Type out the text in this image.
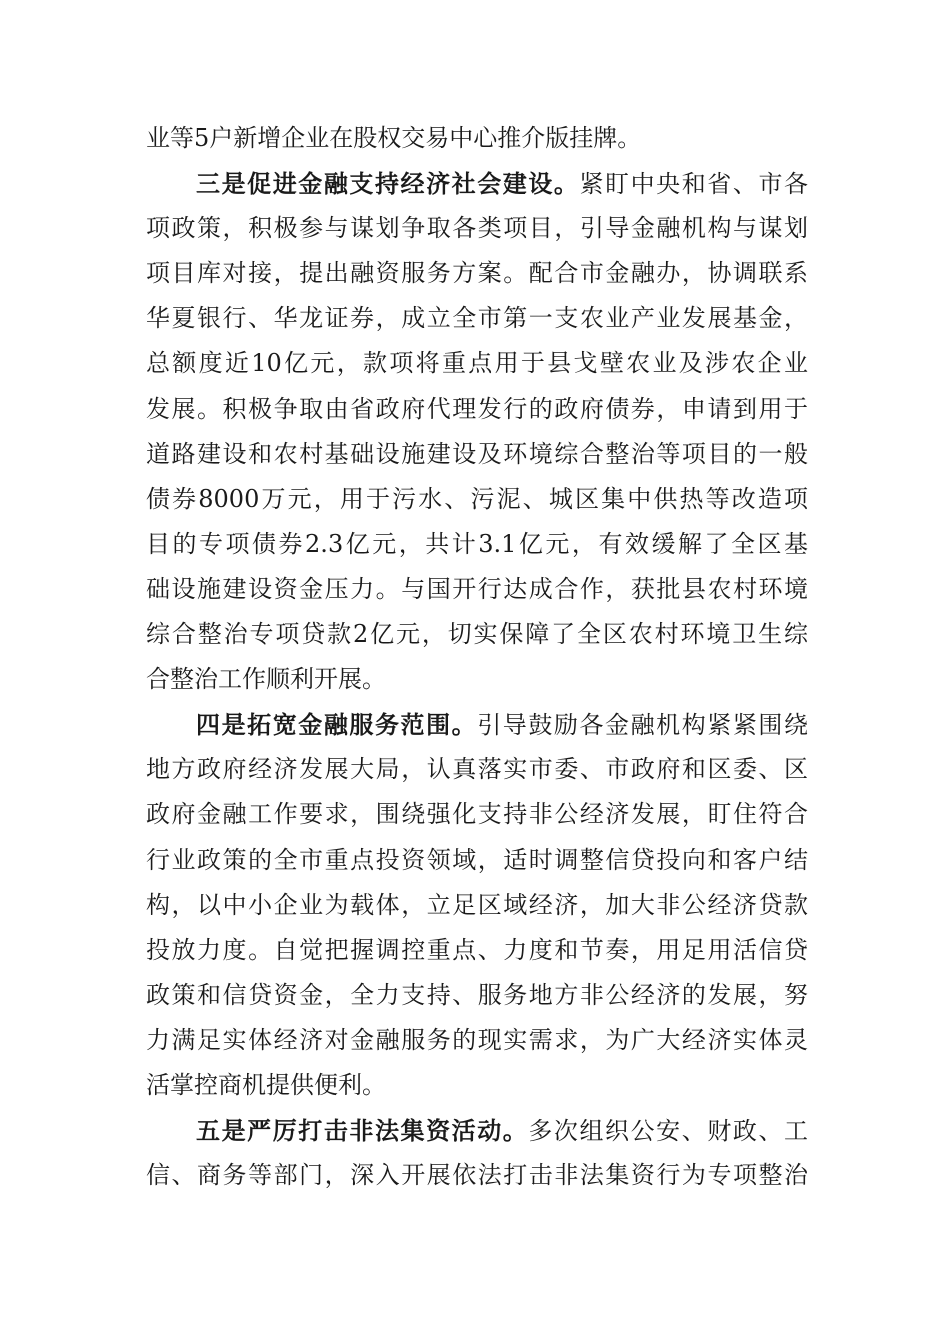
业等5户新增企业在股权交易中心推介版挂牌。
三是促进金融支持经济社会建设。紧盯中央和省、市各
项政策，积极参与谋划争取各类项目，引导金融机构与谋划
项目库对接，提出融资服务方案。配合市金融办，协调联系
华夏银行、华龙证券，成立全市第一支农业产业发展基金，
总额度近10亿元，款项将重点用于县戈壁农业及涉农企业
发展。积极争取由省政府代理发行的政府债券，申请到用于
道路建设和农村基础设施建设及环境综合整治等项目的一般
债券8000万元，用于污水、污泥、城区集中供热等改造项
目的专项债券2.3亿元，共计3.1亿元，有效缓解了全区基
础设施建设资金压力。与国开行达成合作，获批县农村环境
综合整治专项贷款2亿元，切实保障了全区农村环境卫生综
合整治工作顺利开展。
四是拓宽金融服务范围。引导鼓励各金融机构紧紧围绕
地方政府经济发展大局，认真落实市委、市政府和区委、区
政府金融工作要求，围绕强化支持非公经济发展，盯住符合
行业政策的全市重点投资领域，适时调整信贷投向和客户结
构，以中小企业为载体，立足区域经济，加大非公经济贷款
投放力度。自觉把握调控重点、力度和节奏，用足用活信贷
政策和信贷资金，全力支持、服务地方非公经济的发展，努
力满足实体经济对金融服务的现实需求，为广大经济实体灵
活掌控商机提供便利。
五是严厉打击非法集资活动。多次组织公安、财政、工
信、商务等部门，深入开展依法打击非法集资行为专项整治
